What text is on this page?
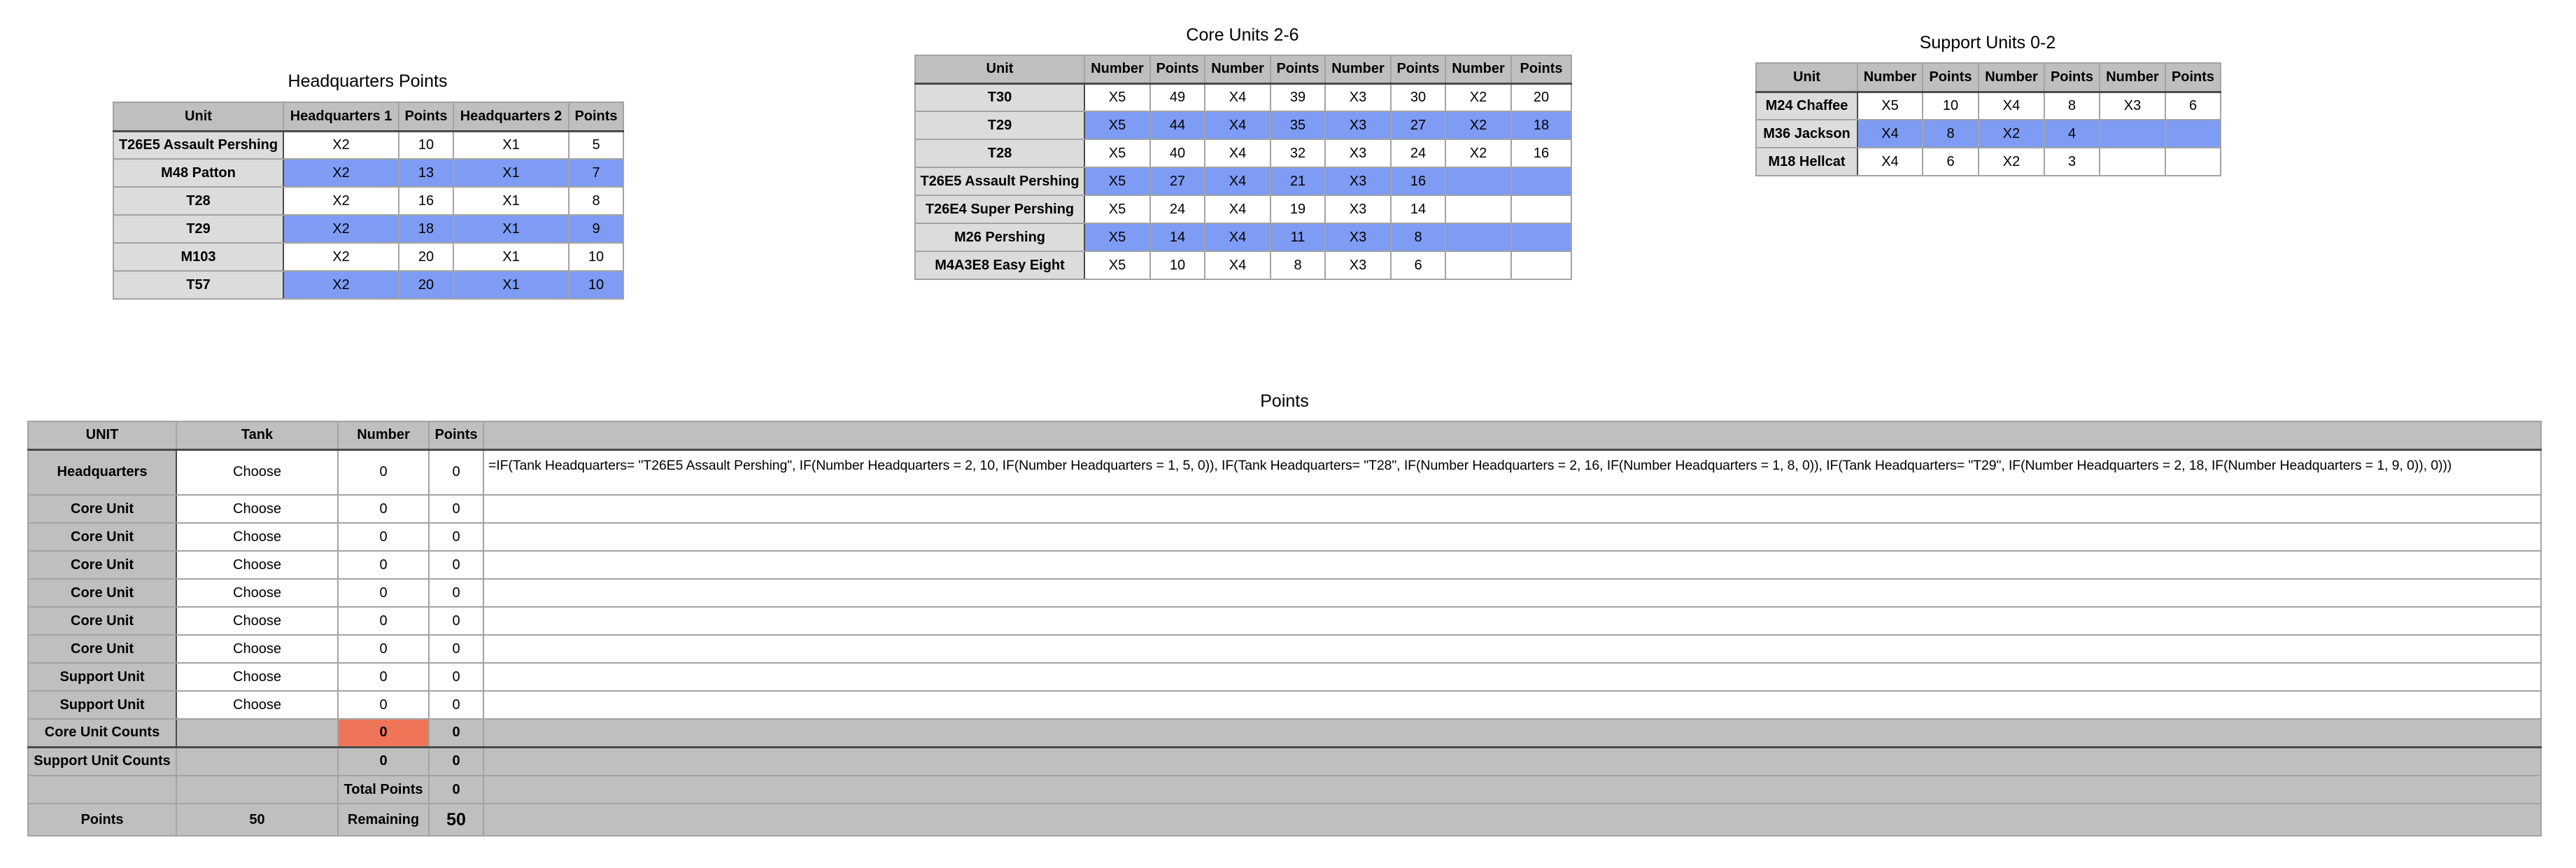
Headquarters Points
Unit	Headquarters 1	Points	Headquarters 2	Points
T26E5 Assault Pershing	X2	10	X1	5
M48 Patton	X2	13	X1	7
T28	X2	16	X1	8
T29	X2	18	X1	9
M103	X2	20	X1	10
T57	X2	20	X1	10
Core Units 2-6
Unit	Number	Points	Number	Points	Number	Points	Number	Points
T30	X5	49	X4	39	X3	30	X2	20
T29	X5	44	X4	35	X3	27	X2	18
T28	X5	40	X4	32	X3	24	X2	16
T26E5 Assault Pershing	X5	27	X4	21	X3	16		
T26E4 Super Pershing	X5	24	X4	19	X3	14		
M26 Pershing	X5	14	X4	11	X3	8		
M4A3E8 Easy Eight	X5	10	X4	8	X3	6		
Support Units 0-2
Unit	Number	Points	Number	Points	Number	Points
M24 Chaffee	X5	10	X4	8	X3	6
M36 Jackson	X4	8	X2	4		
M18 Hellcat	X4	6	X2	3		
Points
UNIT	Tank	Number	Points	
Headquarters	Choose	0	0	=IF(Tank Headquarters= "T26E5 Assault Pershing", IF(Number Headquarters = 2, 10, IF(Number Headquarters = 1, 5, 0)), IF(Tank Headquarters= "T28", IF(Number Headquarters = 2, 16, IF(Number Headquarters = 1, 8, 0)), IF(Tank Headquarters= "T29", IF(Number Headquarters = 2, 18, IF(Number Headquarters = 1, 9, 0)), 0)))
Core Unit	Choose	0	0	
Core Unit	Choose	0	0	
Core Unit	Choose	0	0	
Core Unit	Choose	0	0	
Core Unit	Choose	0	0	
Core Unit	Choose	0	0	
Support Unit	Choose	0	0	
Support Unit	Choose	0	0	
Core Unit Counts		0	0	
Support Unit Counts		0	0	
		Total Points	0	
Points	50	Remaining	50	
